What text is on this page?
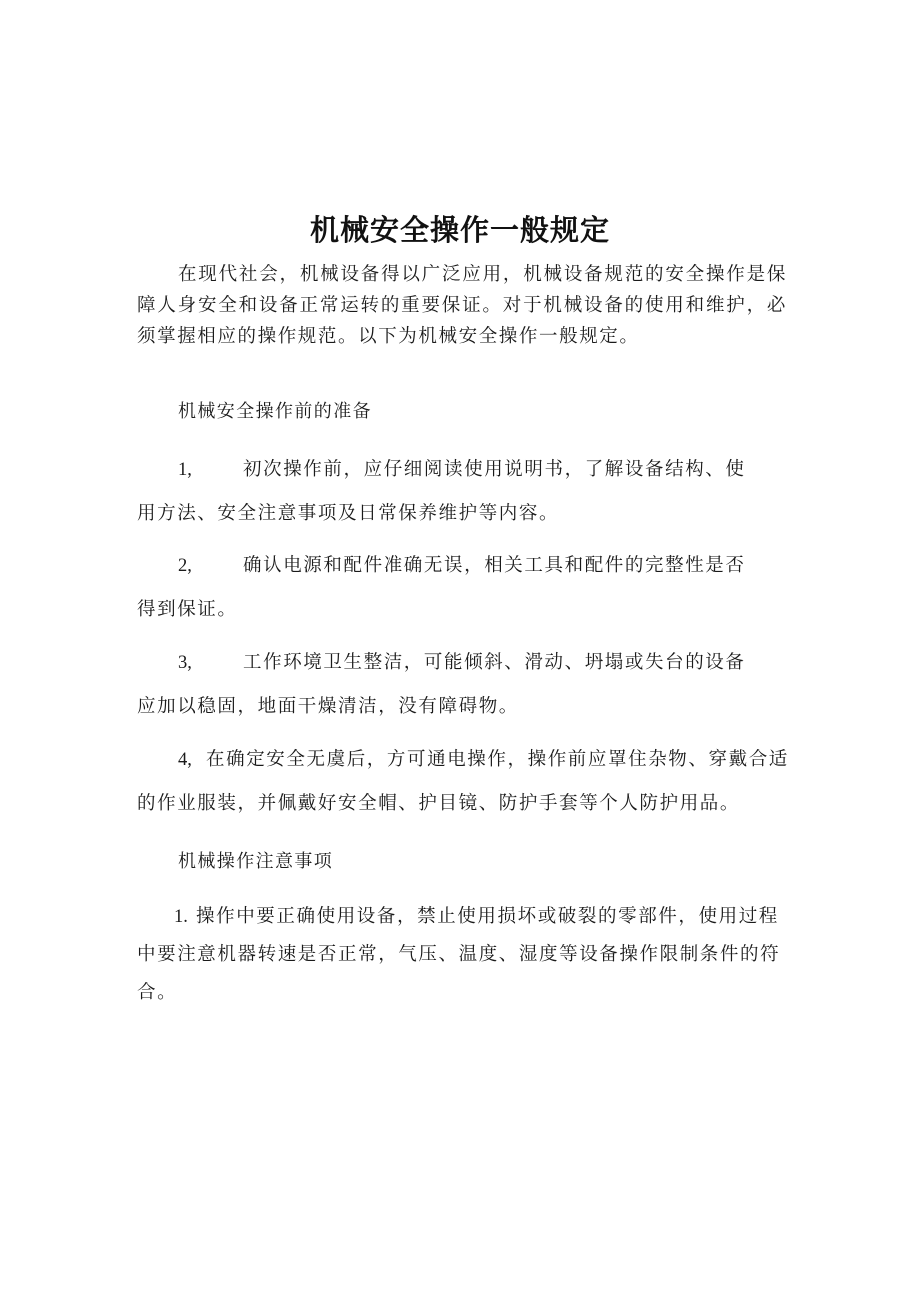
机械安全操作一般规定
在现代社会，机械设备得以广泛应用，机械设备规范的安全操作是保障人身安全和设备正常运转的重要保证。对于机械设备的使用和维护，必须掌握相应的操作规范。以下为机械安全操作一般规定。
机械安全操作前的准备
1,	初次操作前，应仔细阅读使用说明书，了解设备结构、使
用方法、安全注意事项及日常保养维护等内容。
2,	确认电源和配件准确无误，相关工具和配件的完整性是否
得到保证。
3,	工作环境卫生整洁，可能倾斜、滑动、坍塌或失台的设备
应加以稳固，地面干燥清洁，没有障碍物。
4, 在确定安全无虞后，方可通电操作，操作前应罩住杂物、穿戴合适
的作业服装，并佩戴好安全帽、护目镜、防护手套等个人防护用品。
机械操作注意事项
1. 操作中要正确使用设备，禁止使用损坏或破裂的零部件，使用过程
中要注意机器转速是否正常，气压、温度、湿度等设备操作限制条件的符
合。
